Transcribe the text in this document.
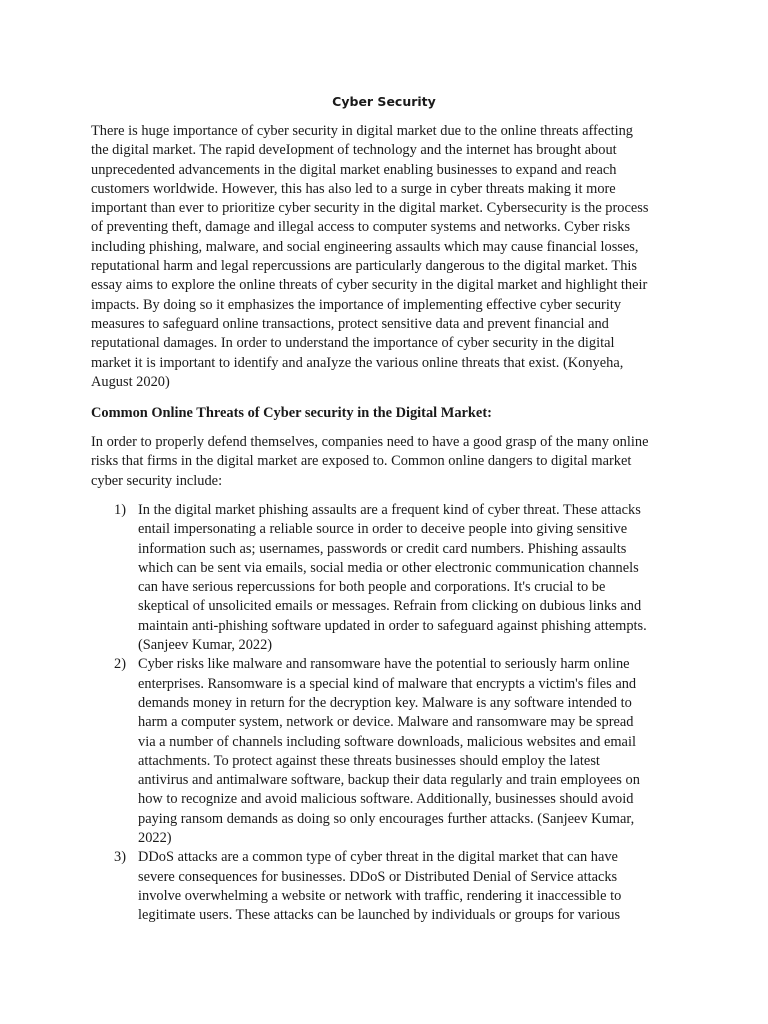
Cyber Security

There is huge importance of cyber security in digital market due to the online threats affecting
the digital market. The rapid deveIopment of technology and the internet has brought about
unprecedented advancements in the digital market enabling businesses to expand and reach
customers worldwide. However, this has also led to a surge in cyber threats making it more
important than ever to prioritize cyber security in the digital market. Cybersecurity is the process
of preventing theft, damage and illegal access to computer systems and networks. Cyber risks
including phishing, malware, and social engineering assaults which may cause financial losses,
reputational harm and legal repercussions are particularly dangerous to the digital market. This
essay aims to explore the online threats of cyber security in the digital market and highlight their
impacts. By doing so it emphasizes the importance of implementing effective cyber security
measures to safeguard online transactions, protect sensitive data and prevent financial and
reputational damages. In order to understand the importance of cyber security in the digital
market it is important to identify and anaIyze the various online threats that exist. (Konyeha,
August 2020)

Common Online Threats of Cyber security in the Digital Market:

In order to properly defend themselves, companies need to have a good grasp of the many online
risks that firms in the digital market are exposed to. Common online dangers to digital market
cyber security include:

1) In the digital market phishing assaults are a frequent kind of cyber threat. These attacks
entail impersonating a reliable source in order to deceive people into giving sensitive
information such as; usernames, passwords or credit card numbers. Phishing assaults
which can be sent via emails, social media or other electronic communication channels
can have serious repercussions for both people and corporations. It's crucial to be
skeptical of unsolicited emails or messages. Refrain from clicking on dubious links and
maintain anti-phishing software updated in order to safeguard against phishing attempts.
(Sanjeev Kumar, 2022)
2) Cyber risks like malware and ransomware have the potential to seriously harm online
enterprises. Ransomware is a special kind of malware that encrypts a victim's files and
demands money in return for the decryption key. Malware is any software intended to
harm a computer system, network or device. Malware and ransomware may be spread
via a number of channels including software downloads, malicious websites and email
attachments. To protect against these threats businesses should employ the latest
antivirus and antimalware software, backup their data regularly and train employees on
how to recognize and avoid malicious software. Additionally, businesses should avoid
paying ransom demands as doing so only encourages further attacks. (Sanjeev Kumar,
2022)
3) DDoS attacks are a common type of cyber threat in the digital market that can have
severe consequences for businesses. DDoS or Distributed Denial of Service attacks
involve overwhelming a website or network with traffic, rendering it inaccessible to
legitimate users. These attacks can be launched by individuals or groups for various
